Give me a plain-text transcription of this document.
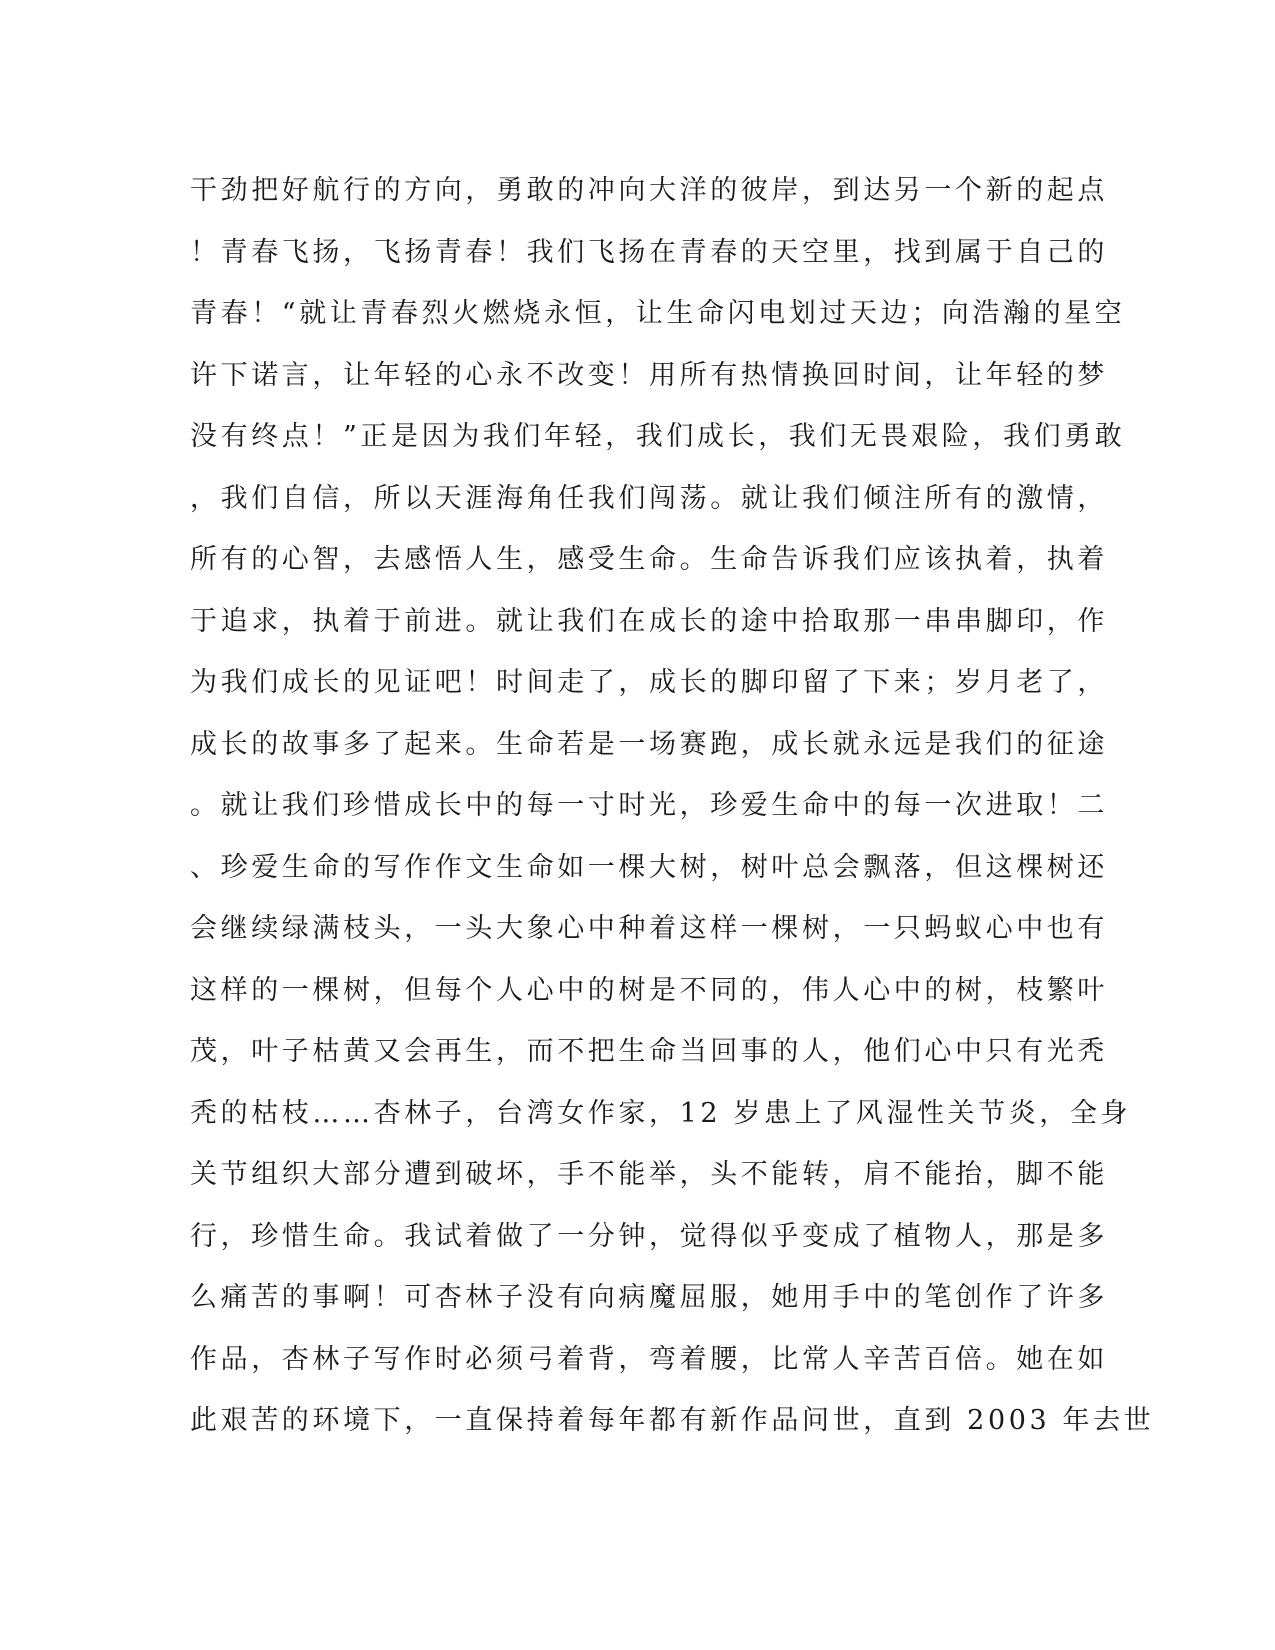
干劲把好航行的方向，勇敢的冲向大洋的彼岸，到达另一个新的起点
！青春飞扬，飞扬青春！我们飞扬在青春的天空里，找到属于自己的
青春！“就让青春烈火燃烧永恒，让生命闪电划过天边；向浩瀚的星空
许下诺言，让年轻的心永不改变！用所有热情换回时间，让年轻的梦
没有终点！”正是因为我们年轻，我们成长，我们无畏艰险，我们勇敢
，我们自信，所以天涯海角任我们闯荡。就让我们倾注所有的激情，
所有的心智，去感悟人生，感受生命。生命告诉我们应该执着，执着
于追求，执着于前进。就让我们在成长的途中拾取那一串串脚印，作
为我们成长的见证吧！时间走了，成长的脚印留了下来；岁月老了，
成长的故事多了起来。生命若是一场赛跑，成长就永远是我们的征途
。就让我们珍惜成长中的每一寸时光，珍爱生命中的每一次进取！二
、珍爱生命的写作作文生命如一棵大树，树叶总会飘落，但这棵树还
会继续绿满枝头，一头大象心中种着这样一棵树，一只蚂蚁心中也有
这样的一棵树，但每个人心中的树是不同的，伟人心中的树，枝繁叶
茂，叶子枯黄又会再生，而不把生命当回事的人，他们心中只有光秃
秃的枯枝……杏林子，台湾女作家，12 岁患上了风湿性关节炎，全身
关节组织大部分遭到破坏，手不能举，头不能转，肩不能抬，脚不能
行，珍惜生命。我试着做了一分钟，觉得似乎变成了植物人，那是多
么痛苦的事啊！可杏林子没有向病魔屈服，她用手中的笔创作了许多
作品，杏林子写作时必须弓着背，弯着腰，比常人辛苦百倍。她在如
此艰苦的环境下，一直保持着每年都有新作品问世，直到 2003 年去世
